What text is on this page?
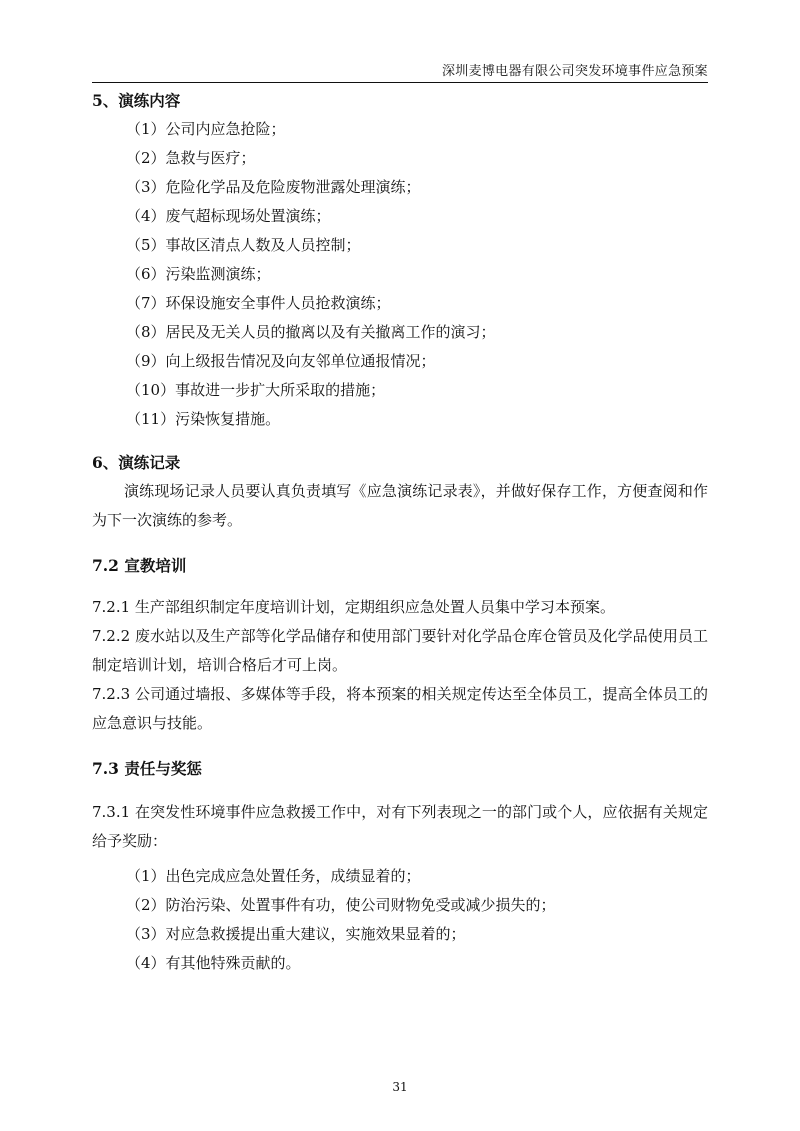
深圳麦博电器有限公司突发环境事件应急预案

5、演练内容

（1）公司内应急抢险；

（2）急救与医疗；

（3）危险化学品及危险废物泄露处理演练；

（4）废气超标现场处置演练；

（5）事故区清点人数及人员控制；

（6）污染监测演练；

（7）环保设施安全事件人员抢救演练；

（8）居民及无关人员的撤离以及有关撤离工作的演习；

（9）向上级报告情况及向友邻单位通报情况；

（10）事故进一步扩大所采取的措施；

（11）污染恢复措施。

6、演练记录

演练现场记录人员要认真负责填写《应急演练记录表》，并做好保存工作，方便查阅和作为下一次演练的参考。

7.2 宣教培训

7.2.1 生产部组织制定年度培训计划，定期组织应急处置人员集中学习本预案。

7.2.2 废水站以及生产部等化学品储存和使用部门要针对化学品仓库仓管员及化学品使用员工制定培训计划，培训合格后才可上岗。

7.2.3 公司通过墙报、多媒体等手段，将本预案的相关规定传达至全体员工，提高全体员工的应急意识与技能。

7.3 责任与奖惩

7.3.1 在突发性环境事件应急救援工作中，对有下列表现之一的部门或个人，应依据有关规定给予奖励：

（1）出色完成应急处置任务，成绩显着的；

（2）防治污染、处置事件有功，使公司财物免受或减少损失的；

（3）对应急救援提出重大建议，实施效果显着的；

（4）有其他特殊贡献的。

31
